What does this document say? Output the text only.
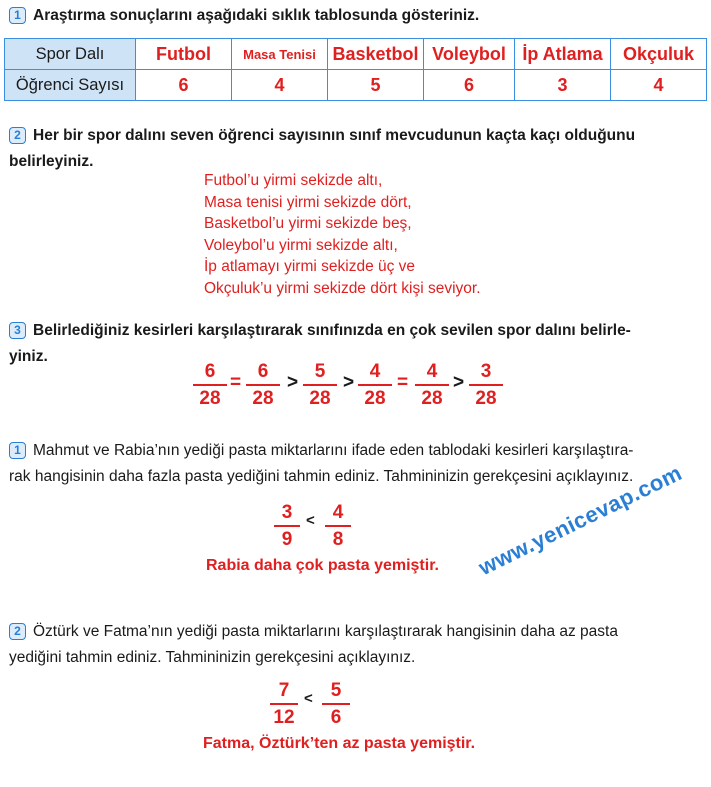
1 Araştırma sonuçlarını aşağıdaki sıklık tablosunda gösteriniz.
Spor Dalı	Futbol	Masa Tenisi	Basketbol	Voleybol	İp Atlama	Okçuluk
Öğrenci Sayısı	6	4	5	6	3	4
2 Her bir spor dalını seven öğrenci sayısının sınıf mevcudunun kaçta kaçı olduğunu
belirleyiniz.
Futbol’u yirmi sekizde altı,
Masa tenisi yirmi sekizde dört,
Basketbol’u yirmi sekizde beş,
Voleybol’u yirmi sekizde altı,
İp atlamayı yirmi sekizde üç ve
Okçuluk’u yirmi sekizde dört kişi seviyor.
3 Belirlediğiniz kesirleri karşılaştırarak sınıfınızda en çok sevilen spor dalını belirle-
yiniz.
6
28
=
6
28
>
5
28
>
4
28
=
4
28
>
3
28
1 Mahmut ve Rabia’nın yediği pasta miktarlarını ifade eden tablodaki kesirleri karşılaştıra-
rak hangisinin daha fazla pasta yediğini tahmin ediniz. Tahmininizin gerekçesini açıklayınız.
3
9
< 4
8
Rabia daha çok pasta yemiştir. www.yenicevap.com
2 Öztürk ve Fatma’nın yediği pasta miktarlarını karşılaştırarak hangisinin daha az pasta
yediğini tahmin ediniz. Tahmininizin gerekçesini açıklayınız.
7
12
< 5
6
Fatma, Öztürk’ten az pasta yemiştir.
